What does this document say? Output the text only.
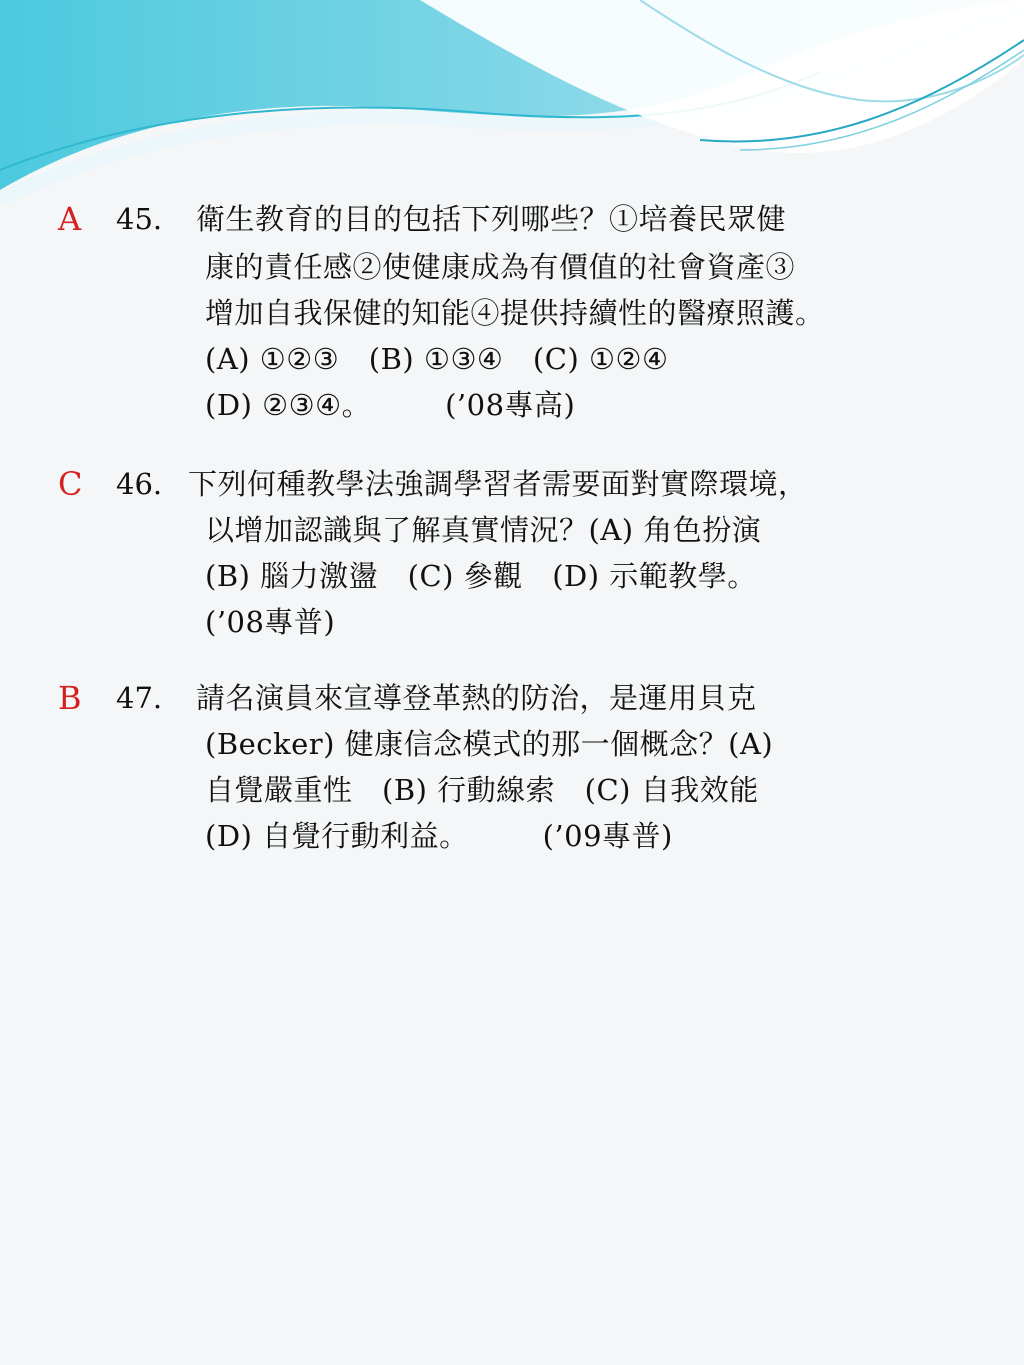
A 45. 衛生教育的目的包括下列哪些？①培養民眾健
康的責任感②使健康成為有價值的社會資產③
增加自我保健的知能④提供持續性的醫療照護。
(A) ①②③　(B) ①③④　(C) ①②④
(D) ②③④。　　　(’08專高)
C 46. 下列何種教學法強調學習者需要面對實際環境，
以增加認識與了解真實情況？(A) 角色扮演
(B) 腦力激盪　(C) 參觀　(D) 示範教學。
(’08專普)
B 47. 請名演員來宣導登革熱的防治，是運用貝克
(Becker) 健康信念模式的那一個概念？(A)
自覺嚴重性　(B) 行動線索　(C) 自我效能
(D) 自覺行動利益。　　　(’09專普)
